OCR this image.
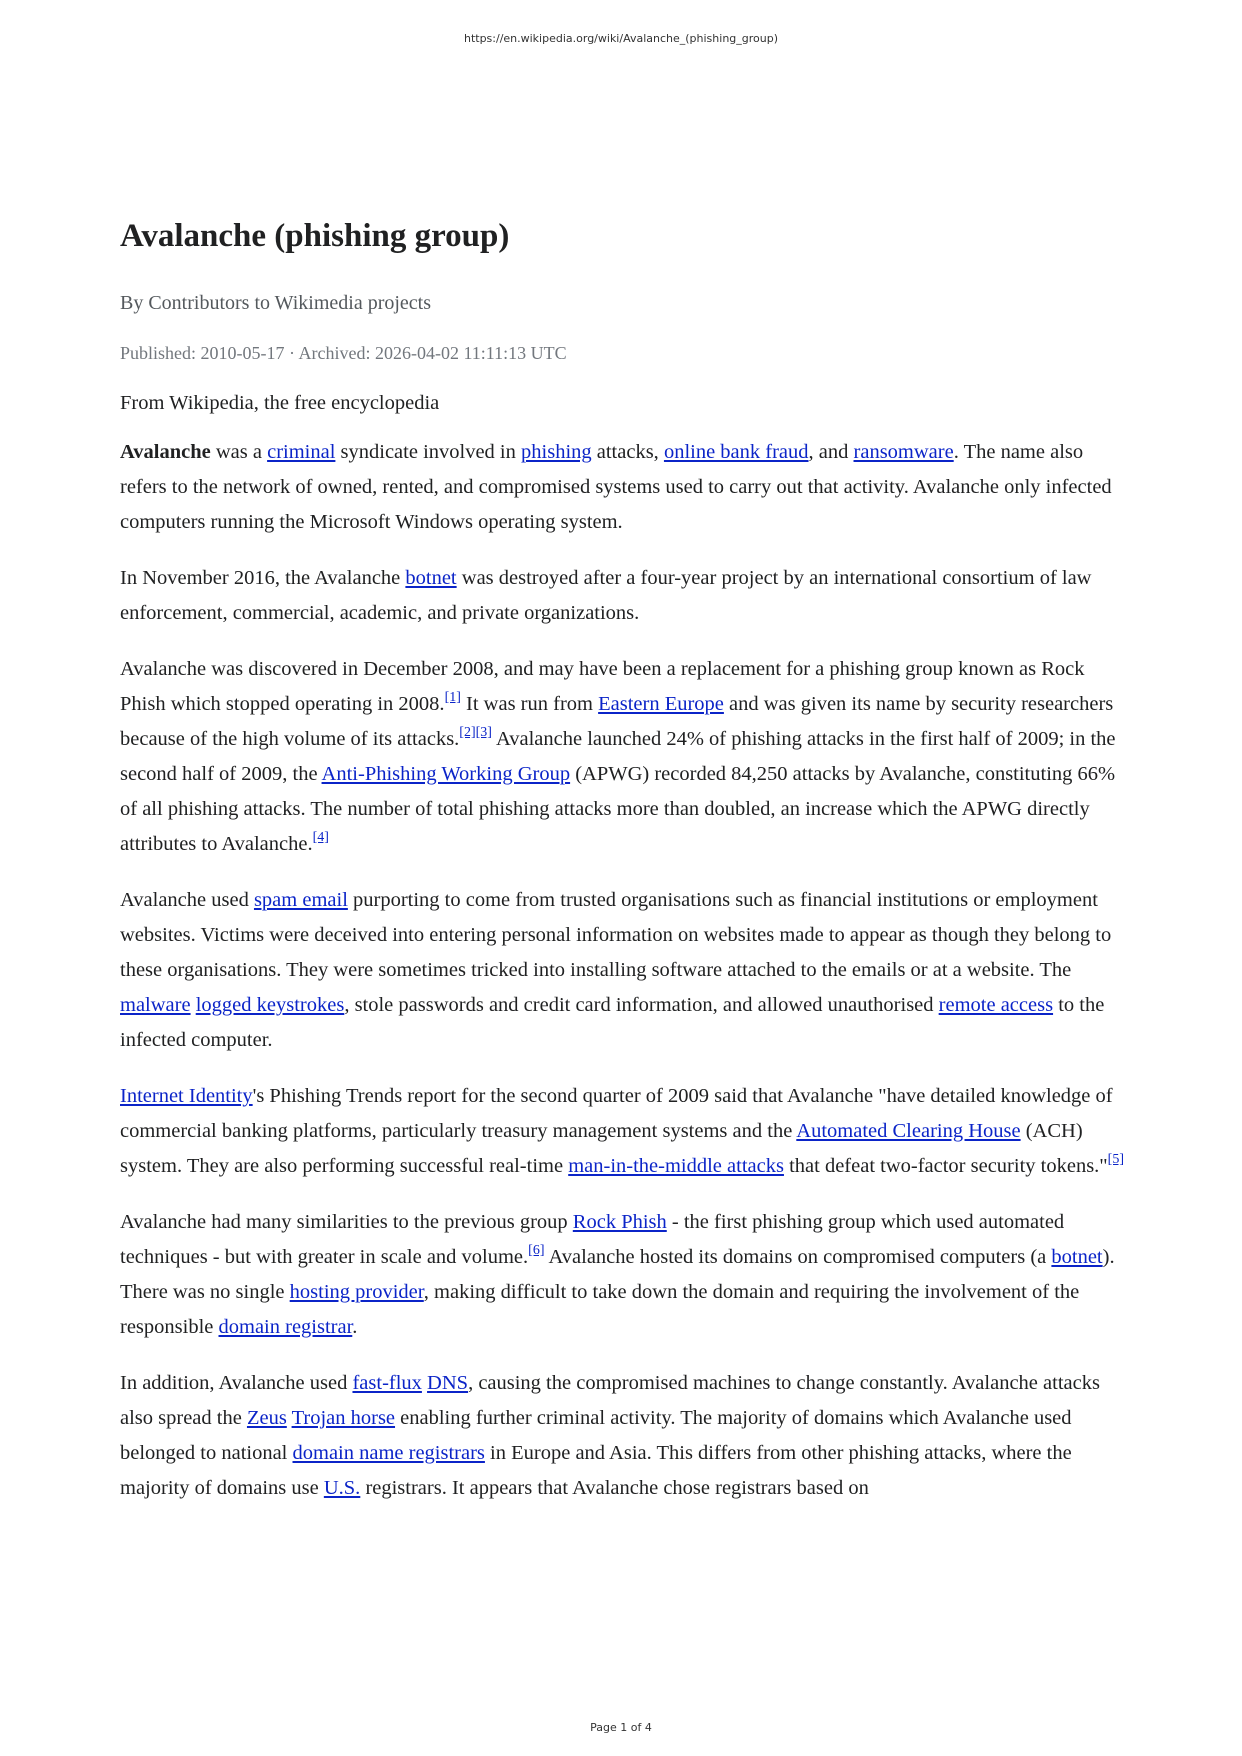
https://en.wikipedia.org/wiki/Avalanche_(phishing_group)
Avalanche (phishing group)
By Contributors to Wikimedia projects
Published: 2010-05-17 · Archived: 2026-04-02 11:11:13 UTC

From Wikipedia, the free encyclopedia

Avalanche was a criminal syndicate involved in phishing attacks, online bank fraud, and ransomware. The name also refers to the network of owned, rented, and compromised systems used to carry out that activity. Avalanche only infected computers running the Microsoft Windows operating system.

In November 2016, the Avalanche botnet was destroyed after a four-year project by an international consortium of law enforcement, commercial, academic, and private organizations.

Avalanche was discovered in December 2008, and may have been a replacement for a phishing group known as Rock Phish which stopped operating in 2008.[1] It was run from Eastern Europe and was given its name by security researchers because of the high volume of its attacks.[2][3] Avalanche launched 24% of phishing attacks in the first half of 2009; in the second half of 2009, the Anti-Phishing Working Group (APWG) recorded 84,250 attacks by Avalanche, constituting 66% of all phishing attacks. The number of total phishing attacks more than doubled, an increase which the APWG directly attributes to Avalanche.[4]

Avalanche used spam email purporting to come from trusted organisations such as financial institutions or employment websites. Victims were deceived into entering personal information on websites made to appear as though they belong to these organisations. They were sometimes tricked into installing software attached to the emails or at a website. The malware logged keystrokes, stole passwords and credit card information, and allowed unauthorised remote access to the infected computer.

Internet Identity's Phishing Trends report for the second quarter of 2009 said that Avalanche "have detailed knowledge of commercial banking platforms, particularly treasury management systems and the Automated Clearing House (ACH) system. They are also performing successful real-time man-in-the-middle attacks that defeat two-factor security tokens."[5]

Avalanche had many similarities to the previous group Rock Phish - the first phishing group which used automated techniques - but with greater in scale and volume.[6] Avalanche hosted its domains on compromised computers (a botnet). There was no single hosting provider, making difficult to take down the domain and requiring the involvement of the responsible domain registrar.

In addition, Avalanche used fast-flux DNS, causing the compromised machines to change constantly. Avalanche attacks also spread the Zeus Trojan horse enabling further criminal activity. The majority of domains which Avalanche used belonged to national domain name registrars in Europe and Asia. This differs from other phishing attacks, where the majority of domains use U.S. registrars. It appears that Avalanche chose registrars based on

Page 1 of 4
